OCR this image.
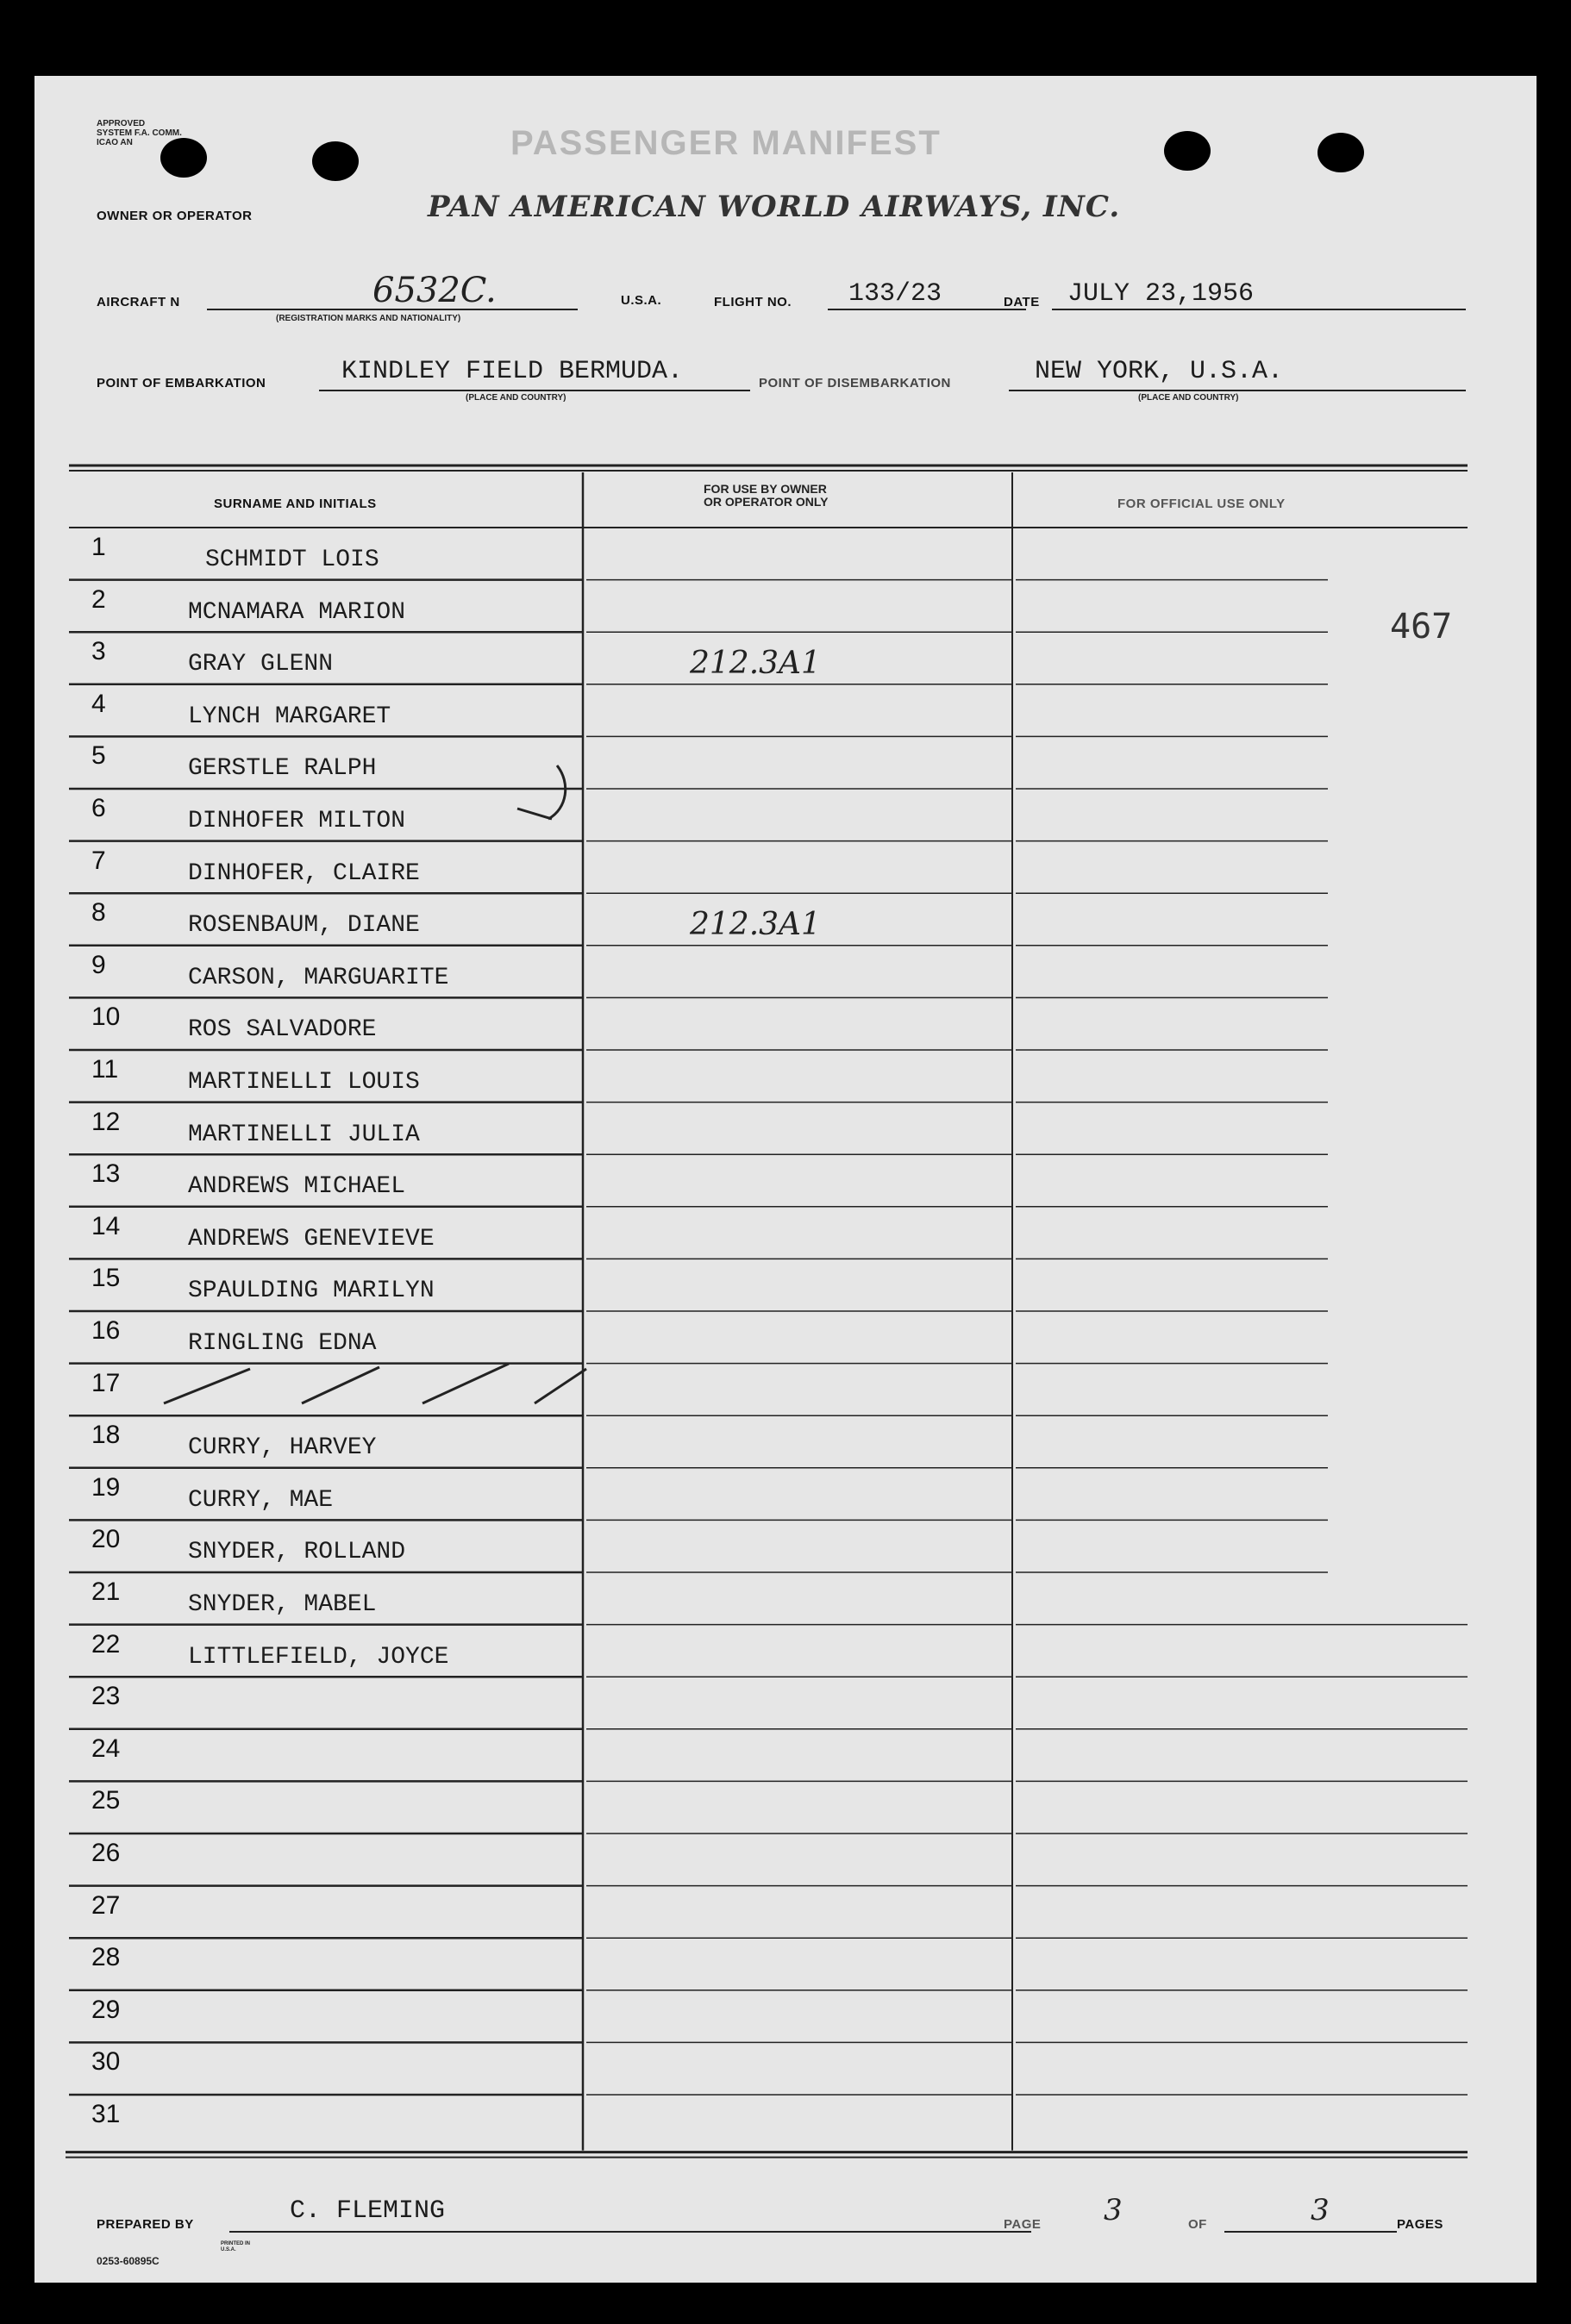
APPROVED
SYSTEM F.A. COMM.
ICAO AN	PASSENGER MANIFEST
OWNER OR OPERATOR	PAN AMERICAN WORLD AIRWAYS, INC.
AIRCRAFT N	6532C.
(REGISTRATION MARKS AND NATIONALITY)
U.S.A.	FLIGHT NO. 133/23	DATE JULY 23,1956
POINT OF EMBARKATION	KINDLEY FIELD BERMUDA.
(PLACE AND COUNTRY)
POINT OF DISEMBARKATION	NEW YORK, U.S.A.
(PLACE AND COUNTRY)
467
SURNAME AND INITIALS
FOR USE BY OWNER
OR OPERATOR ONLY	FOR OFFICIAL USE ONLY
1	SCHMIDT LOIS
2	MCNAMARA MARION
3	GRAY GLENN	212.3A1
4	LYNCH MARGARET
5	GERSTLE RALPH
6	DINHOFER MILTON
7	DINHOFER, CLAIRE
8	ROSENBAUM, DIANE	212.3A1
9	CARSON, MARGUARITE
10	ROS SALVADORE
11	MARTINELLI LOUIS
12	MARTINELLI JULIA
13	ANDREWS MICHAEL
14	ANDREWS GENEVIEVE
15	SPAULDING MARILYN
16	RINGLING EDNA
17
18	CURRY, HARVEY
19	CURRY, MAE
20	SNYDER, ROLLAND
21	SNYDER, MABEL
22	LITTLEFIELD, JOYCE
23
24
25
26
27
28
29
30
31
PREPARED BY	C. FLEMING	PAGE 3	OF	3	PAGES
0253-60895C
PRINTED IN U.S.A.
